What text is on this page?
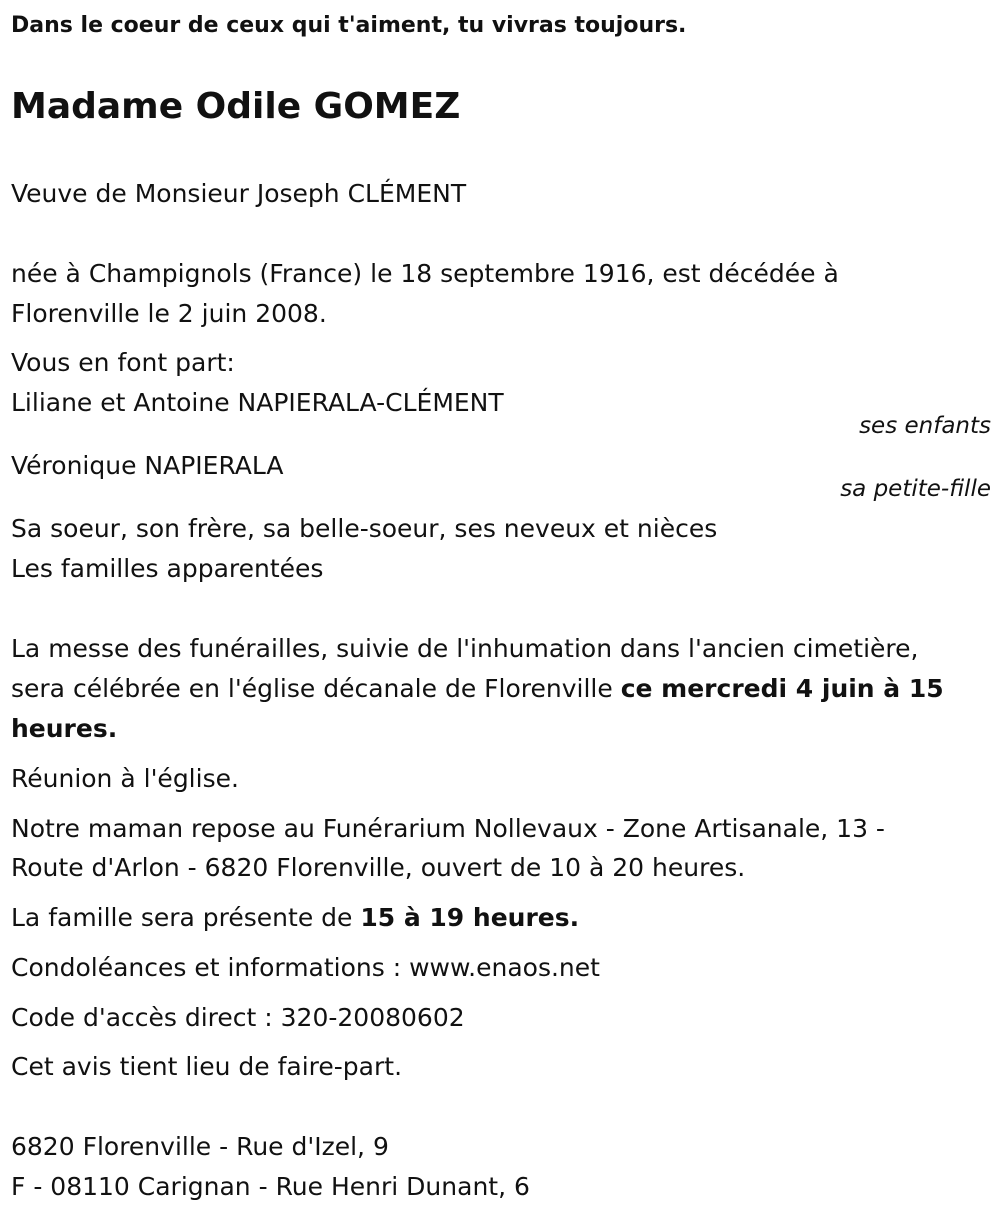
Dans le coeur de ceux qui t'aiment, tu vivras toujours.
Madame Odile GOMEZ
Veuve de Monsieur Joseph CLÉMENT
née à Champignols (France) le 18 septembre 1916, est décédée à
Florenville le 2 juin 2008.
Vous en font part:
Liliane et Antoine NAPIERALA-CLÉMENT
ses enfants
Véronique NAPIERALA
sa petite-fille
Sa soeur, son frère, sa belle-soeur, ses neveux et nièces
Les familles apparentées
La messe des funérailles, suivie de l'inhumation dans l'ancien cimetière,
sera célébrée en l'église décanale de Florenville ce mercredi 4 juin à 15
heures.
Réunion à l'église.
Notre maman repose au Funérarium Nollevaux - Zone Artisanale, 13 -
Route d'Arlon - 6820 Florenville, ouvert de 10 à 20 heures.
La famille sera présente de 15 à 19 heures.
Condoléances et informations : www.enaos.net
Code d'accès direct : 320-20080602
Cet avis tient lieu de faire-part.
6820 Florenville - Rue d'Izel, 9
F - 08110 Carignan - Rue Henri Dunant, 6
